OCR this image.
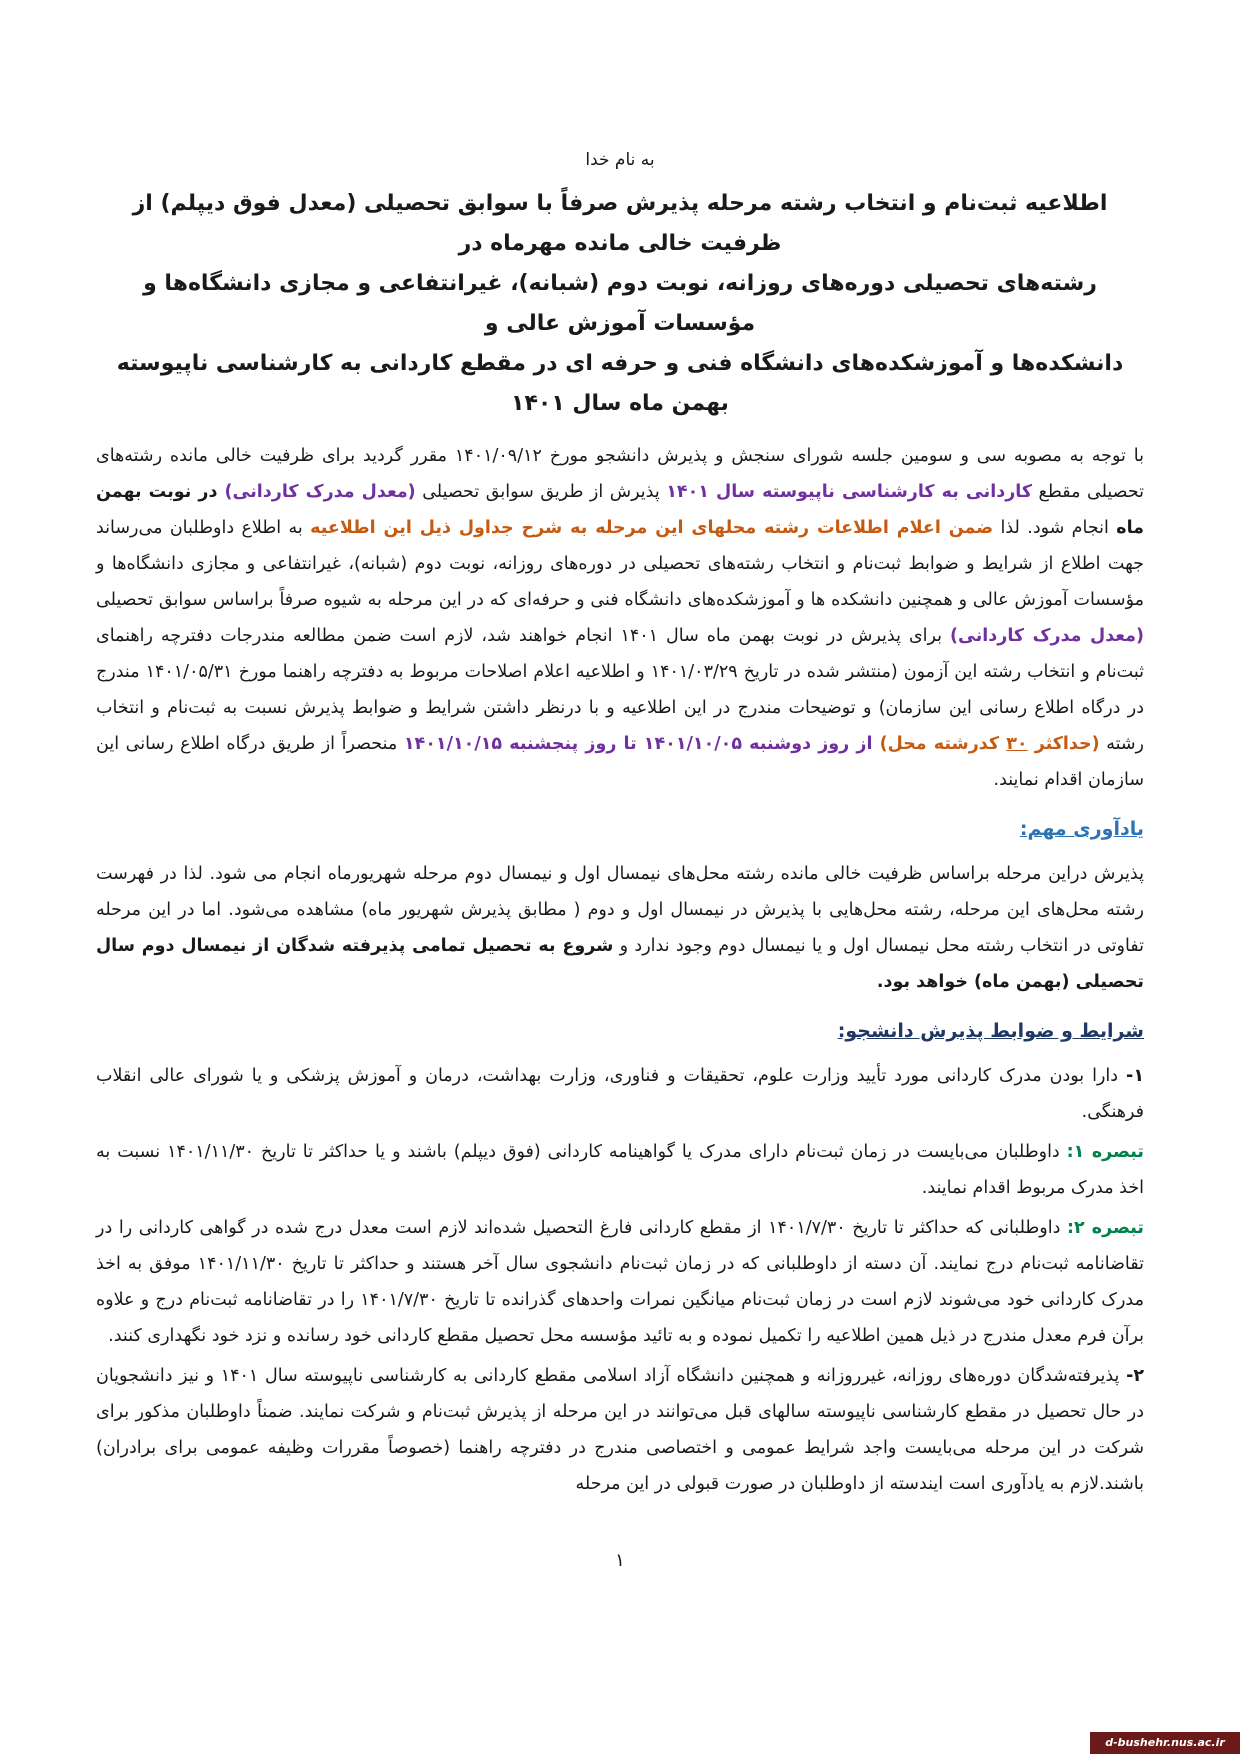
به نام خدا
اطلاعیه ثبت‌نام و انتخاب رشته مرحله پذیرش صرفاً با سوابق تحصیلی (معدل فوق دیپلم) از ظرفیت خالی مانده مهرماه در
رشته‌های تحصیلی دوره‌های روزانه، نوبت دوم (شبانه)، غیرانتفاعی و مجازی دانشگاه‌ها و مؤسسات آموزش عالی و
دانشکده‌ها و آموزشکده‌های دانشگاه فنی و حرفه ای در مقطع کاردانی به کارشناسی ناپیوسته بهمن ماه سال ۱۴۰۱
با توجه به مصوبه سی و سومین جلسه شورای سنجش و پذیرش دانشجو مورخ ۱۴۰۱/۰۹/۱۲ مقرر گردید برای ظرفیت خالی مانده رشته‌های تحصیلی مقطع کاردانی به کارشناسی ناپیوسته سال ۱۴۰۱ پذیرش از طریق سوابق تحصیلی (معدل مدرک کاردانی) در نوبت بهمن ماه انجام شود. لذا ضمن اعلام اطلاعات رشته محلهای این مرحله به شرح جداول ذیل این اطلاعیه به اطلاع داوطلبان می‌رساند جهت اطلاع از شرایط و ضوابط ثبت‌نام و انتخاب رشته‌های تحصیلی در دوره‌های روزانه، نوبت دوم (شبانه)، غیرانتفاعی و مجازی دانشگاه‌ها و مؤسسات آموزش عالی و همچنین دانشکده ها و آموزشکده‌های دانشگاه فنی و حرفه‌ای که در این مرحله به شیوه صرفاً براساس سوابق تحصیلی (معدل مدرک کاردانی) برای پذیرش در نوبت بهمن ماه سال ۱۴۰۱ انجام خواهند شد، لازم است ضمن مطالعه مندرجات دفترچه راهنمای ثبت‌نام و انتخاب رشته این آزمون (منتشر شده در تاریخ ۱۴۰۱/۰۳/۲۹ و اطلاعیه اعلام اصلاحات مربوط به دفترچه راهنما مورخ ۱۴۰۱/۰۵/۳۱ مندرج در درگاه اطلاع رسانی این سازمان) و توضیحات مندرج در این اطلاعیه و با درنظر داشتن شرایط و ضوابط پذیرش نسبت به ثبت‌نام و انتخاب رشته (حداکثر ۳۰ کدرشته محل) از روز دوشنبه ۱۴۰۱/۱۰/۰۵ تا روز پنجشنبه ۱۴۰۱/۱۰/۱۵ منحصراً از طریق درگاه اطلاع رسانی این سازمان اقدام نمایند.
یادآوری مهم:
پذیرش دراین مرحله براساس ظرفیت خالی مانده رشته محل‌های نیمسال اول و نیمسال دوم مرحله شهریورماه انجام می شود. لذا در فهرست رشته محل‌های این مرحله، رشته محل‌هایی با پذیرش در نیمسال اول و دوم ( مطابق پذیرش شهریور ماه) مشاهده می‌شود. اما در این مرحله تفاوتی در انتخاب رشته محل نیمسال اول و یا نیمسال دوم وجود ندارد و شروع به تحصیل تمامی پذیرفته شدگان از نیمسال دوم سال تحصیلی (بهمن ماه) خواهد بود.
شرایط و ضوابط پذیرش دانشجو:
۱- دارا بودن مدرک کاردانی مورد تأیید وزارت علوم، تحقیقات و فناوری، وزارت بهداشت، درمان و آموزش پزشکی و یا شورای عالی انقلاب فرهنگی.
تبصره ۱: داوطلبان می‌بایست در زمان ثبت‌نام دارای مدرک یا گواهینامه کاردانی (فوق دیپلم) باشند و یا حداکثر تا تاریخ ۱۴۰۱/۱۱/۳۰ نسبت به اخذ مدرک مربوط اقدام نمایند.
تبصره ۲: داوطلبانی که حداکثر تا تاریخ ۱۴۰۱/۷/۳۰ از مقطع کاردانی فارغ التحصیل شده‌اند لازم است معدل درج شده در گواهی کاردانی را در تقاضانامه ثبت‌نام درج نمایند. آن دسته از داوطلبانی که در زمان ثبت‌نام دانشجوی سال آخر هستند و حداکثر تا تاریخ ۱۴۰۱/۱۱/۳۰ موفق به اخذ مدرک کاردانی خود می‌شوند لازم است در زمان ثبت‌نام میانگین نمرات واحدهای گذرانده تا تاریخ ۱۴۰۱/۷/۳۰ را در تقاضانامه ثبت‌نام درج و علاوه برآن فرم معدل مندرج در ذیل همین اطلاعیه را تکمیل نموده و به تائید مؤسسه محل تحصیل مقطع کاردانی خود رسانده و نزد خود نگهداری کنند.
۲- پذیرفته‌شدگان دوره‌های روزانه، غیرروزانه و همچنین دانشگاه آزاد اسلامی مقطع کاردانی به کارشناسی ناپیوسته سال ۱۴۰۱ و نیز دانشجویان در حال تحصیل در مقطع کارشناسی ناپیوسته سالهای قبل می‌توانند در این مرحله از پذیرش ثبت‌نام و شرکت نمایند. ضمناً داوطلبان مذکور برای شرکت در این مرحله می‌بایست واجد شرایط عمومی و اختصاصی مندرج در دفترچه راهنما (خصوصاً مقررات وظیفه عمومی برای برادران) باشند.لازم به یادآوری است ایندسته از داوطلبان در صورت قبولی در این مرحله
۱
d-bushehr.nus.ac.ir
